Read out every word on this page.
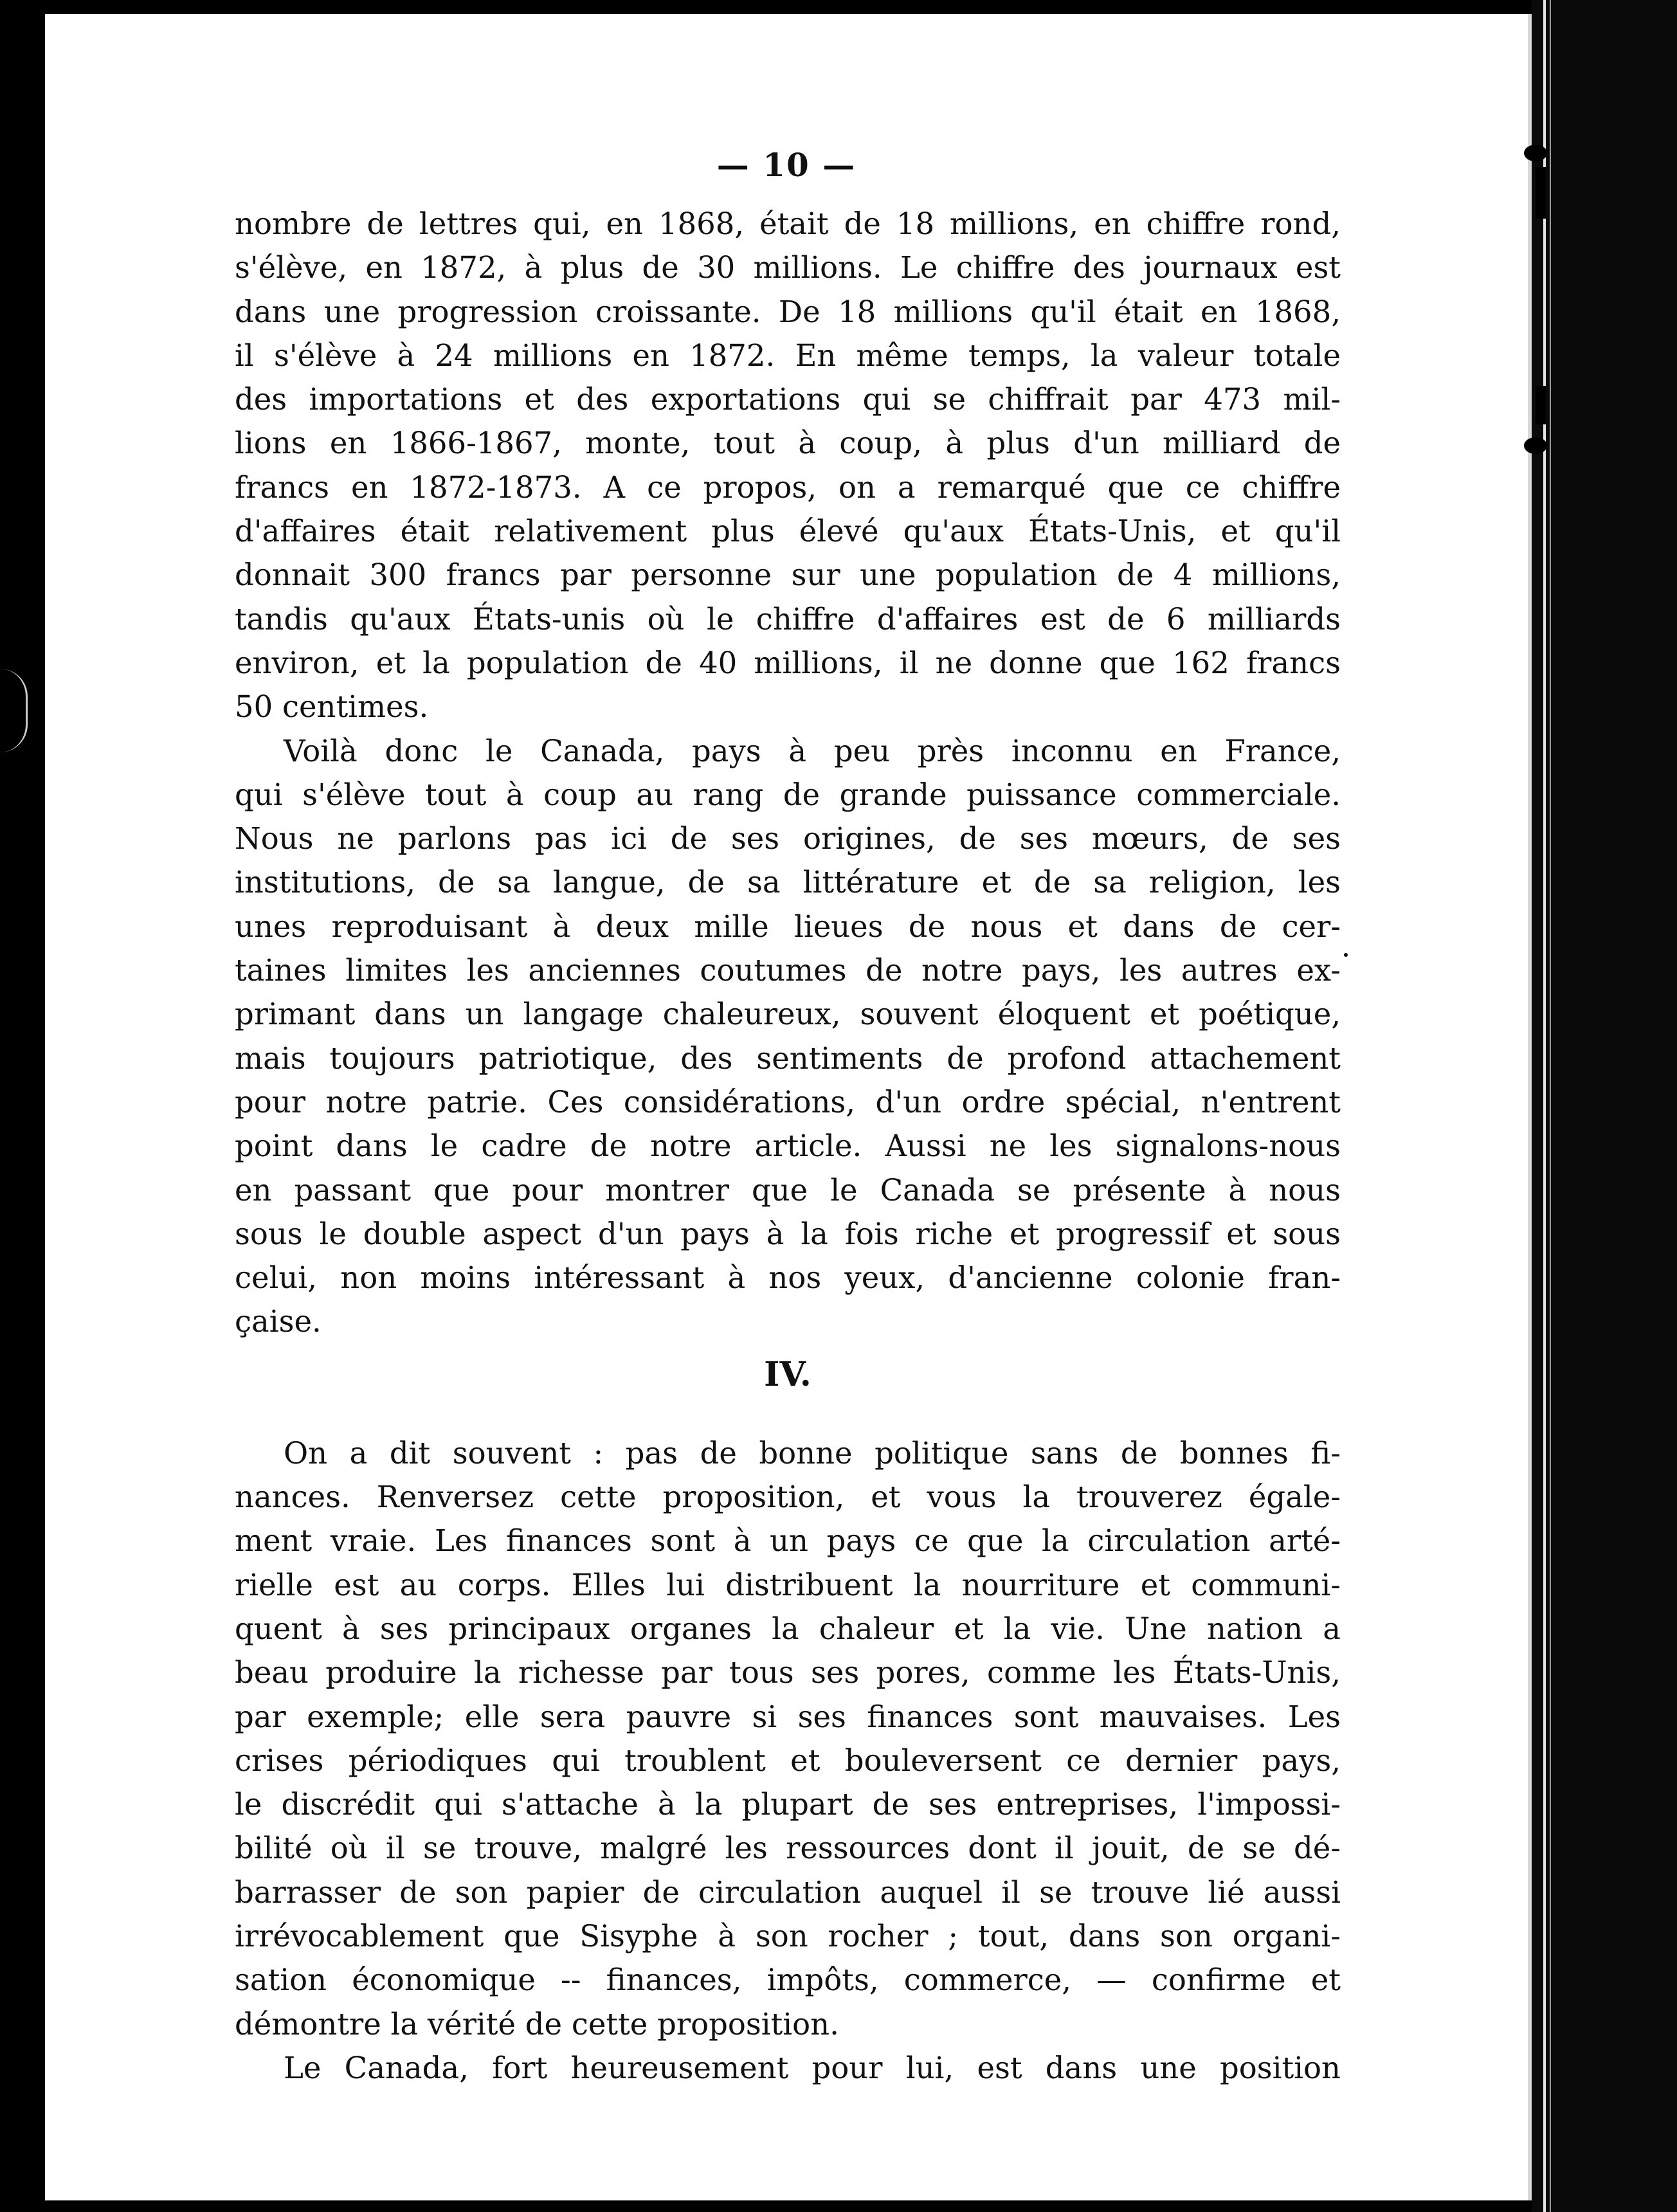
— 10 —
nombre de lettres qui, en 1868, était de 18 millions, en chiffre rond,
s'élève, en 1872, à plus de 30 millions. Le chiffre des journaux est
dans une progression croissante. De 18 millions qu'il était en 1868,
il s'élève à 24 millions en 1872. En même temps, la valeur totale
des importations et des exportations qui se chiffrait par 473 mil-
lions en 1866-1867, monte, tout à coup, à plus d'un milliard de
francs en 1872-1873. A ce propos, on a remarqué que ce chiffre
d'affaires était relativement plus élevé qu'aux États-Unis, et qu'il
donnait 300 francs par personne sur une population de 4 millions,
tandis qu'aux États-unis où le chiffre d'affaires est de 6 milliards
environ, et la population de 40 millions, il ne donne que 162 francs
50 centimes.
Voilà donc le Canada, pays à peu près inconnu en France,
qui s'élève tout à coup au rang de grande puissance commerciale.
Nous ne parlons pas ici de ses origines, de ses mœurs, de ses
institutions, de sa langue, de sa littérature et de sa religion, les
unes reproduisant à deux mille lieues de nous et dans de cer-
taines limites les anciennes coutumes de notre pays, les autres ex-
primant dans un langage chaleureux, souvent éloquent et poétique,
mais toujours patriotique, des sentiments de profond attachement
pour notre patrie. Ces considérations, d'un ordre spécial, n'entrent
point dans le cadre de notre article. Aussi ne les signalons-nous
en passant que pour montrer que le Canada se présente à nous
sous le double aspect d'un pays à la fois riche et progressif et sous
celui, non moins intéressant à nos yeux, d'ancienne colonie fran-
çaise.
IV.
On a dit souvent : pas de bonne politique sans de bonnes fi-
nances. Renversez cette proposition, et vous la trouverez égale-
ment vraie. Les finances sont à un pays ce que la circulation arté-
rielle est au corps. Elles lui distribuent la nourriture et communi-
quent à ses principaux organes la chaleur et la vie. Une nation a
beau produire la richesse par tous ses pores, comme les États-Unis,
par exemple; elle sera pauvre si ses finances sont mauvaises. Les
crises périodiques qui troublent et bouleversent ce dernier pays,
le discrédit qui s'attache à la plupart de ses entreprises, l'impossi-
bilité où il se trouve, malgré les ressources dont il jouit, de se dé-
barrasser de son papier de circulation auquel il se trouve lié aussi
irrévocablement que Sisyphe à son rocher ; tout, dans son organi-
sation économique -- finances, impôts, commerce, — confirme et
démontre la vérité de cette proposition.
Le Canada, fort heureusement pour lui, est dans une position
